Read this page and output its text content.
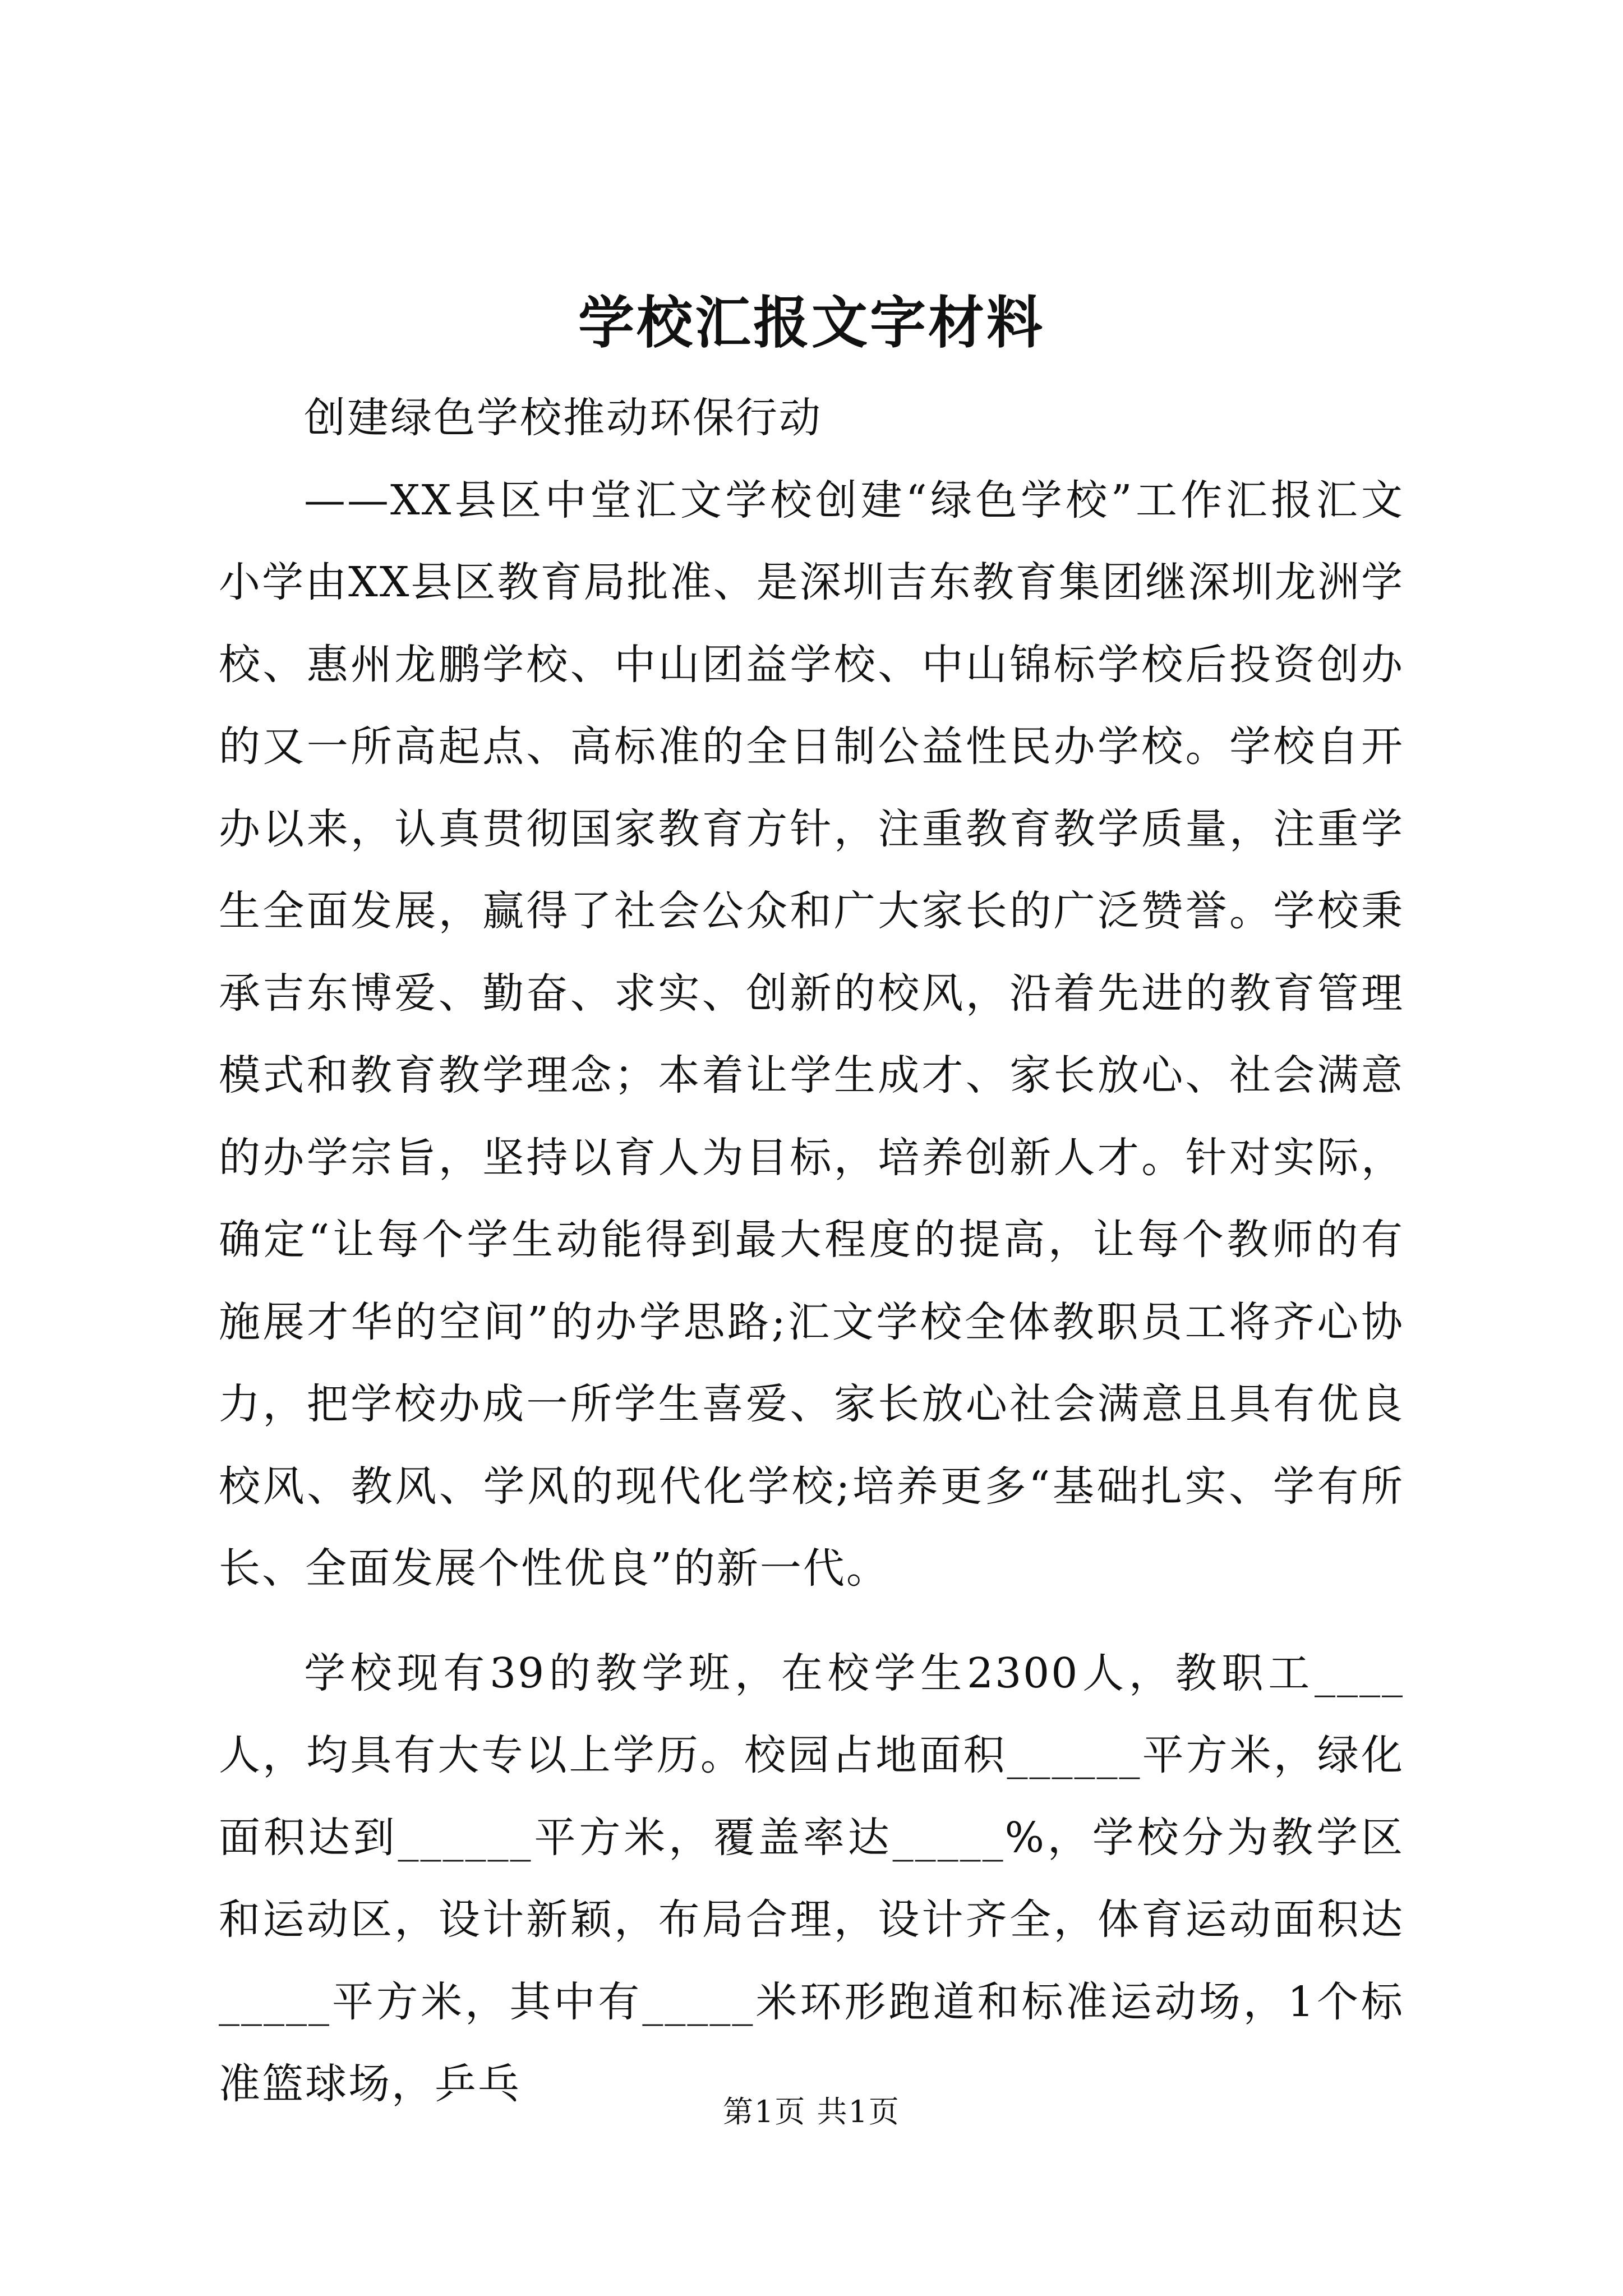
学校汇报文字材料

创建绿色学校推动环保行动

——XX县区中堂汇文学校创建“绿色学校”工作汇报汇文小学由XX县区教育局批准、是深圳吉东教育集团继深圳龙洲学校、惠州龙鹏学校、中山团益学校、中山锦标学校后投资创办的又一所高起点、高标准的全日制公益性民办学校。学校自开办以来，认真贯彻国家教育方针，注重教育教学质量，注重学生全面发展，赢得了社会公众和广大家长的广泛赞誉。学校秉承吉东博爱、勤奋、求实、创新的校风，沿着先进的教育管理模式和教育教学理念；本着让学生成才、家长放心、社会满意的办学宗旨，坚持以育人为目标，培养创新人才。针对实际，确定“让每个学生动能得到最大程度的提高，让每个教师的有施展才华的空间”的办学思路;汇文学校全体教职员工将齐心协力，把学校办成一所学生喜爱、家长放心社会满意且具有优良校风、教风、学风的现代化学校;培养更多“基础扎实、学有所长、全面发展个性优良”的新一代。

学校现有39的教学班，在校学生2300人，教职工____人，均具有大专以上学历。校园占地面积______平方米，绿化面积达到______平方米，覆盖率达_____%，学校分为教学区和运动区，设计新颖，布局合理，设计齐全，体育运动面积达_____平方米，其中有_____米环形跑道和标准运动场，1个标准篮球场，乒乓

第1页 共1页
